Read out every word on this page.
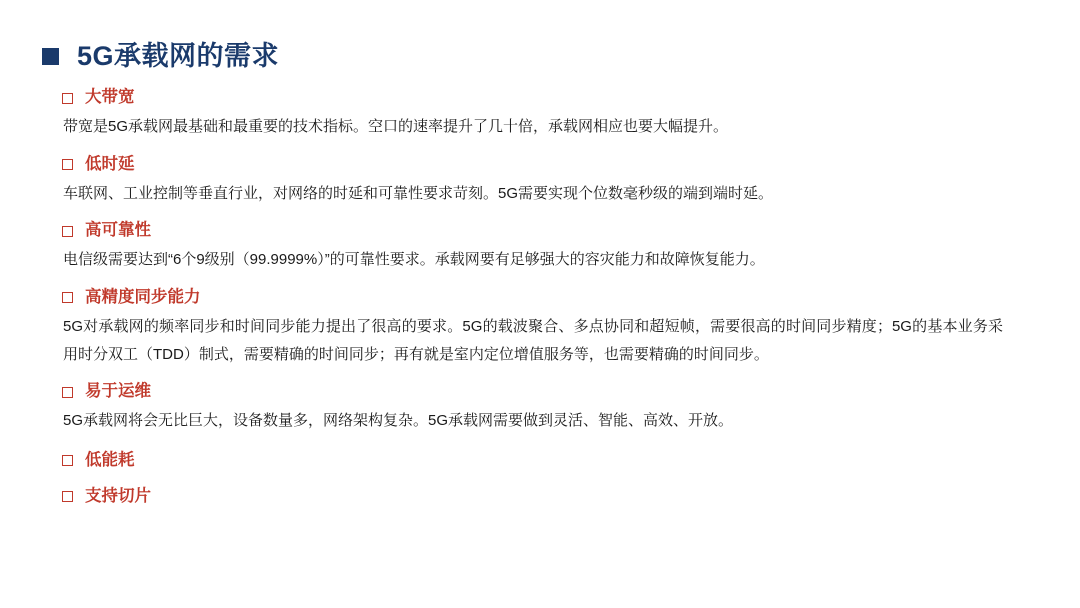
5G承载网的需求
大带宽
带宽是5G承载网最基础和最重要的技术指标。空口的速率提升了几十倍，承载网相应也要大幅提升。
低时延
车联网、工业控制等垂直行业，对网络的时延和可靠性要求苛刻。5G需要实现个位数毫秒级的端到端时延。
高可靠性
电信级需要达到“6个9级别（99.9999%）”的可靠性要求。承载网要有足够强大的容灾能力和故障恢复能力。
高精度同步能力
5G对承载网的频率同步和时间同步能力提出了很高的要求。5G的载波聚合、多点协同和超短帧，需要很高的时间同步精度；5G的基本业务采用时分双工（TDD）制式，需要精确的时间同步；再有就是室内定位增值服务等，也需要精确的时间同步。
易于运维
5G承载网将会无比巨大，设备数量多，网络架构复杂。5G承载网需要做到灵活、智能、高效、开放。
低能耗
支持切片
